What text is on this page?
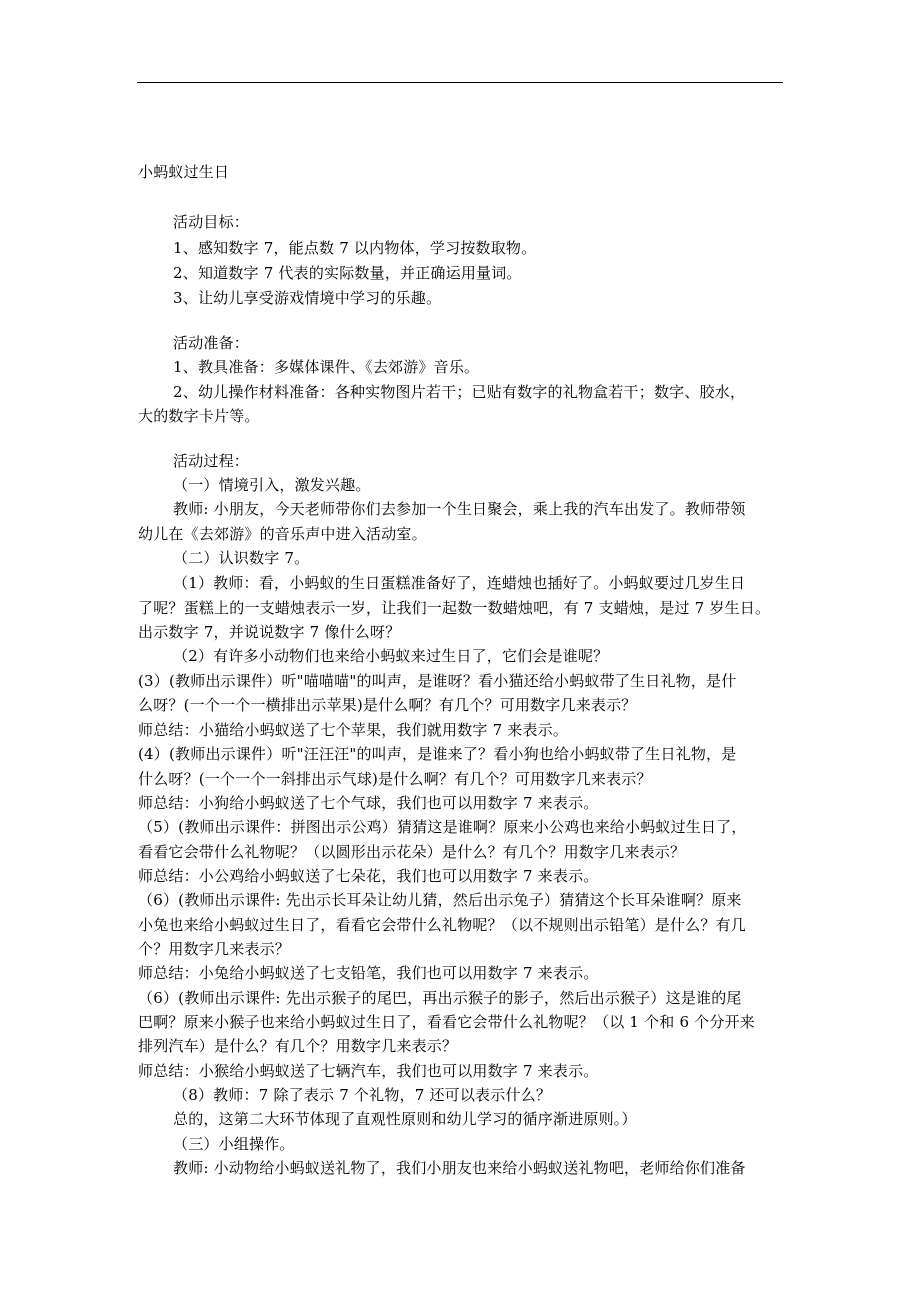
小蚂蚁过生日
活动目标：
1、感知数字 7，能点数 7 以内物体，学习按数取物。
2、知道数字 7 代表的实际数量，并正确运用量词。
3、让幼儿享受游戏情境中学习的乐趣。
活动准备：
1、教具准备：多媒体课件、《去郊游》音乐。
2、幼儿操作材料准备：各种实物图片若干；已贴有数字的礼物盒若干；数字、胶水，
大的数字卡片等。
活动过程：
（一）情境引入，激发兴趣。
教师: 小朋友，今天老师带你们去参加一个生日聚会，乘上我的汽车出发了。教师带领
幼儿在《去郊游》的音乐声中进入活动室。
（二）认识数字 7。
（1）教师：看，小蚂蚁的生日蛋糕准备好了，连蜡烛也插好了。小蚂蚁要过几岁生日
了呢？蛋糕上的一支蜡烛表示一岁，让我们一起数一数蜡烛吧，有 7 支蜡烛，是过 7 岁生日。
出示数字 7，并说说数字 7 像什么呀？
（2）有许多小动物们也来给小蚂蚁来过生日了，它们会是谁呢？
(3）(教师出示课件）听"喵喵喵"的叫声，是谁呀？看小猫还给小蚂蚁带了生日礼物，是什
么呀？(一个一个一横排出示苹果)是什么啊？有几个？可用数字几来表示？
师总结：小猫给小蚂蚁送了七个苹果，我们就用数字 7 来表示。
(4）(教师出示课件）听"汪汪汪"的叫声，是谁来了？看小狗也给小蚂蚁带了生日礼物，是
什么呀？(一个一个一斜排出示气球)是什么啊？有几个？可用数字几来表示？
师总结：小狗给小蚂蚁送了七个气球，我们也可以用数字 7 来表示。
（5）(教师出示课件：拼图出示公鸡）猜猜这是谁啊？原来小公鸡也来给小蚂蚁过生日了，
看看它会带什么礼物呢？（以圆形出示花朵）是什么？有几个？用数字几来表示？
师总结：小公鸡给小蚂蚁送了七朵花，我们也可以用数字 7 来表示。
（6）(教师出示课件: 先出示长耳朵让幼儿猜，然后出示兔子）猜猜这个长耳朵谁啊？原来
小兔也来给小蚂蚁过生日了，看看它会带什么礼物呢？（以不规则出示铅笔）是什么？有几
个？用数字几来表示？
师总结：小兔给小蚂蚁送了七支铅笔，我们也可以用数字 7 来表示。
（6）(教师出示课件: 先出示猴子的尾巴，再出示猴子的影子，然后出示猴子）这是谁的尾
巴啊？原来小猴子也来给小蚂蚁过生日了，看看它会带什么礼物呢？（以 1 个和 6 个分开来
排列汽车）是什么？有几个？用数字几来表示？
师总结：小猴给小蚂蚁送了七辆汽车，我们也可以用数字 7 来表示。
（8）教师：7 除了表示 7 个礼物，7 还可以表示什么？
总的，这第二大环节体现了直观性原则和幼儿学习的循序渐进原则。）
（三）小组操作。
教师: 小动物给小蚂蚁送礼物了，我们小朋友也来给小蚂蚁送礼物吧，老师给你们准备
